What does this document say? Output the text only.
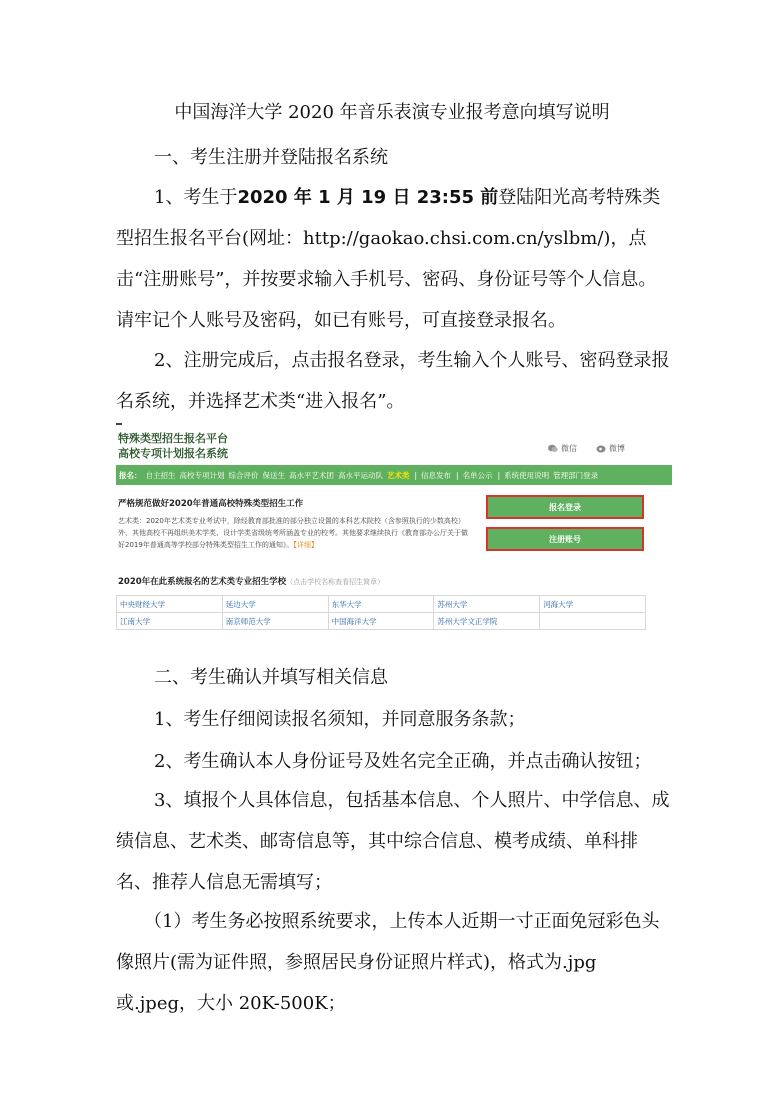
中国海洋大学 2020 年音乐表演专业报考意向填写说明
一、考生注册并登陆报名系统
1、考生于2020 年 1 月 19 日 23:55 前登陆阳光高考特殊类型招生报名平台(网址：http://gaokao.chsi.com.cn/yslbm/)，点击“注册账号”，并按要求输入手机号、密码、身份证号等个人信息。请牢记个人账号及密码，如已有账号，可直接登录报名。
2、注册完成后，点击报名登录，考生输入个人账号、密码登录报名系统，并选择艺术类“进入报名”。
特殊类型招生报名平台
高校专项计划报名系统	微信	微博
报名： 自主招生 高校专项计划 综合评价 保送生 高水平艺术团 高水平运动队 艺术类 | 信息发布 | 名单公示 | 系统使用说明 管理部门登录
严格规范做好2020年普通高校特殊类型招生工作
艺术类：2020年艺术类专业考试中，除经教育部批准的部分独立设置的本科艺术院校（含参照执行的少数高校）外，其他高校不再组织美术学类、设计学类省级统考所涵盖专业的校考。其他要求继续执行《教育部办公厅关于做好2019年普通高等学校部分特殊类型招生工作的通知》。【详细】
报名登录
注册账号
2020年在此系统报名的艺术类专业招生学校（点击学校名称查看招生简章）
中央财经大学	延边大学	东华大学	苏州大学	河海大学
江南大学	南京师范大学	中国海洋大学	苏州大学文正学院	
二、考生确认并填写相关信息
1、考生仔细阅读报名须知，并同意服务条款；
2、考生确认本人身份证号及姓名完全正确，并点击确认按钮；
3、填报个人具体信息，包括基本信息、个人照片、中学信息、成绩信息、艺术类、邮寄信息等，其中综合信息、模考成绩、单科排名、推荐人信息无需填写；
（1）考生务必按照系统要求，上传本人近期一寸正面免冠彩色头像照片(需为证件照，参照居民身份证照片样式)，格式为.jpg 或.jpeg，大小 20K-500K；
